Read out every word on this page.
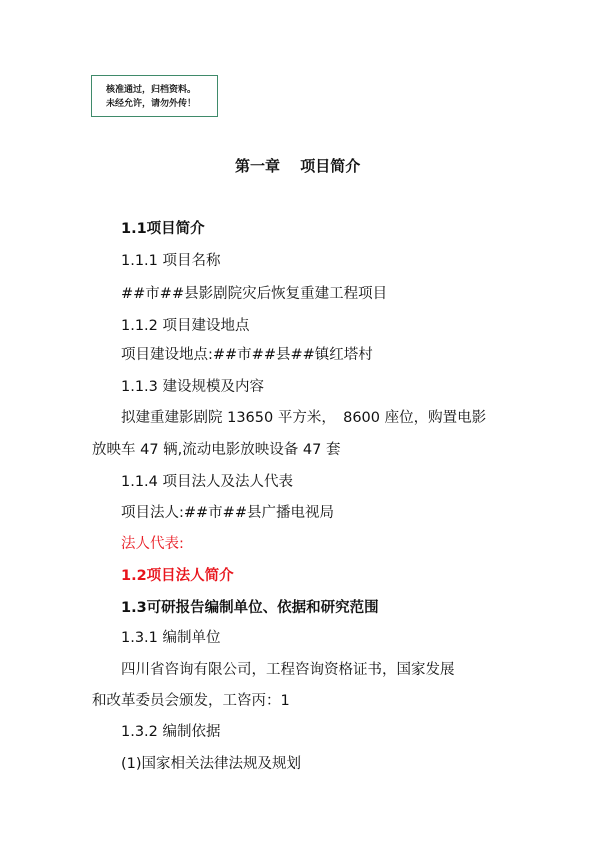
核准通过，归档资料。
未经允许，请勿外传！
第一章　 项目简介
1.1项目简介
1.1.1 项目名称
##市##县影剧院灾后恢复重建工程项目
1.1.2 项目建设地点
项目建设地点:##市##县##镇红塔村
1.1.3 建设规模及内容
拟建重建影剧院 13650 平方米，　8600 座位，购置电影
放映车 47 辆,流动电影放映设备 47 套
1.1.4 项目法人及法人代表
项目法人:##市##县广播电视局
法人代表:
1.2项目法人简介
1.3可研报告编制单位、依据和研究范围
1.3.1 编制单位
四川省咨询有限公司，工程咨询资格证书，国家发展
和改革委员会颁发，工咨丙：1
1.3.2 编制依据
(1)国家相关法律法规及规划
